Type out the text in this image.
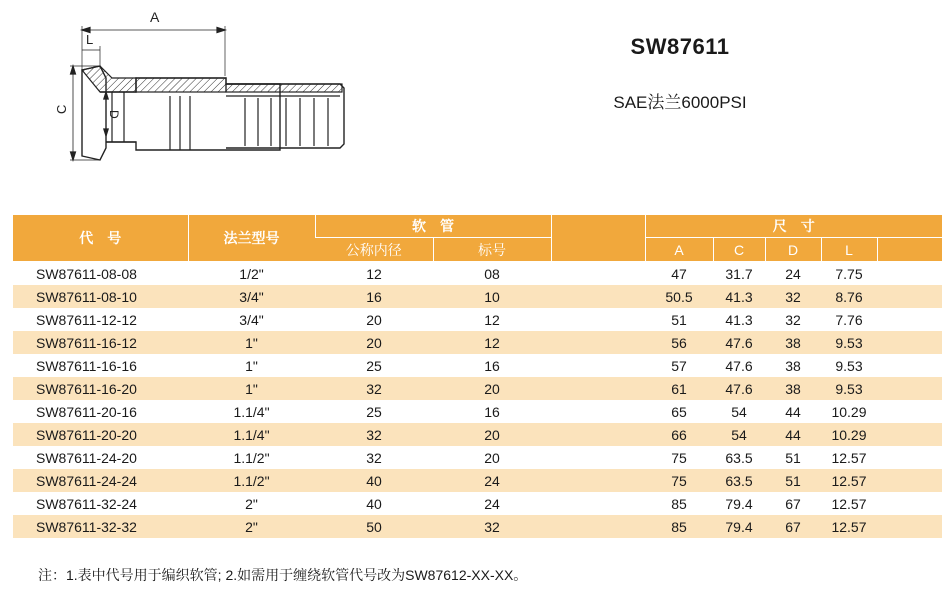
A
L
C
D
SW87611
SAE法兰6000PSI
代　号	法兰型号	软　管			尺　寸				
		公称内径	标号		A	C	D	L	
SW87611-08-08	1/2"	12	08		47	31.7	24	7.75	
SW87611-08-10	3/4"	16	10		50.5	41.3	32	8.76	
SW87611-12-12	3/4"	20	12		51	41.3	32	7.76	
SW87611-16-12	1"	20	12		56	47.6	38	9.53	
SW87611-16-16	1"	25	16		57	47.6	38	9.53	
SW87611-16-20	1"	32	20		61	47.6	38	9.53	
SW87611-20-16	1.1/4"	25	16		65	54	44	10.29	
SW87611-20-20	1.1/4"	32	20		66	54	44	10.29	
SW87611-24-20	1.1/2"	32	20		75	63.5	51	12.57	
SW87611-24-24	1.1/2"	40	24		75	63.5	51	12.57	
SW87611-32-24	2"	40	24		85	79.4	67	12.57	
SW87611-32-32	2"	50	32		85	79.4	67	12.57	
注：1.表中代号用于编织软管; 2.如需用于缠绕软管代号改为SW87612-XX-XX。
